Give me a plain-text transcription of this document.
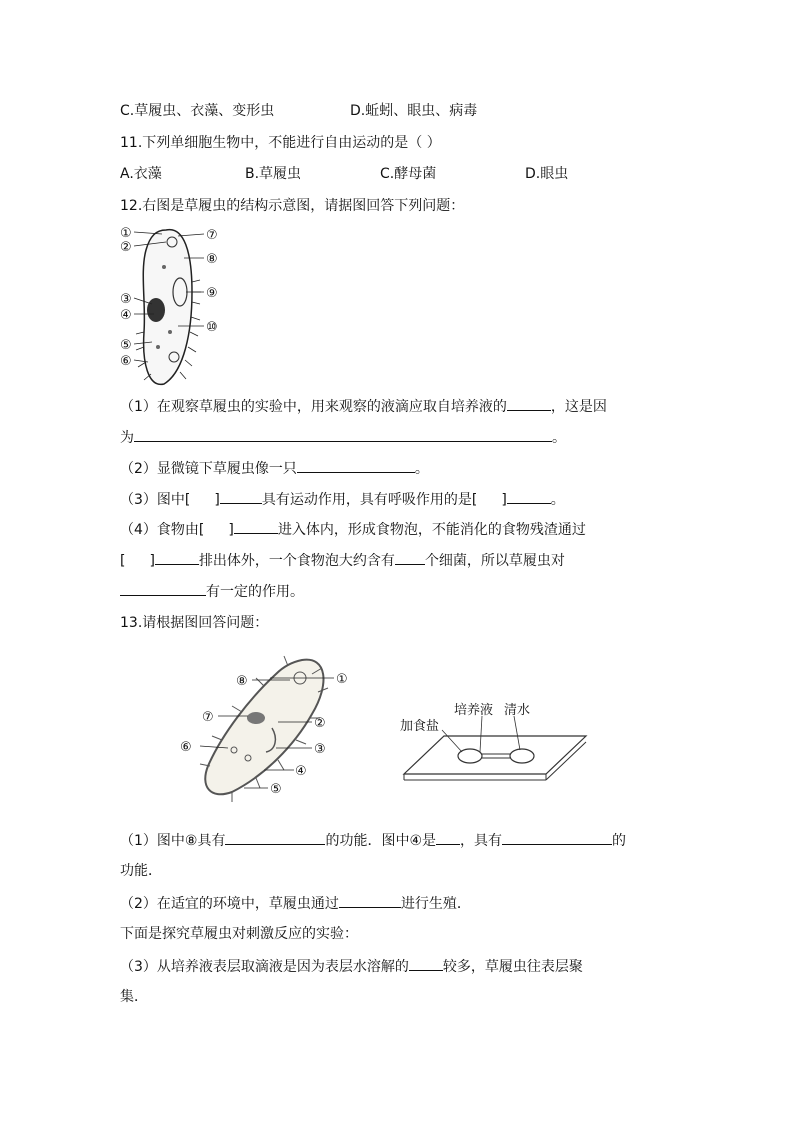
C.草履虫、衣藻、变形虫	D.蚯蚓、眼虫、病毒
11.下列单细胞生物中，不能进行自由运动的是（ ）
A.衣藻	B.草履虫	C.酵母菌	D.眼虫
12.右图是草履虫的结构示意图，请据图回答下列问题：
①
②
③
④
⑤
⑥
⑦
⑧
⑨
⑩
（1）在观察草履虫的实验中，用来观察的液滴应取自培养液的	，这是因
为	。
（2）显微镜下草履虫像一只	。
（3）图中[ ]	具有运动作用，具有呼吸作用的是[ ]	。
（4）食物由[ ]	进入体内，形成食物泡，不能消化的食物残渣通过
[ ]	排出体外，一个食物泡大约含有 个细菌，所以草履虫对
有一定的作用。
13.请根据图回答问题：
①
②
③
④
⑤
⑥
⑦
⑧
加食盐
培养液 清水
（1）图中⑧具有	的功能．图中④是 ，具有	的
功能．
（2）在适宜的环境中，草履虫通过	进行生殖．
下面是探究草履虫对刺激反应的实验：
（3）从培养液表层取滴液是因为表层水溶解的 较多，草履虫往表层聚
集．
